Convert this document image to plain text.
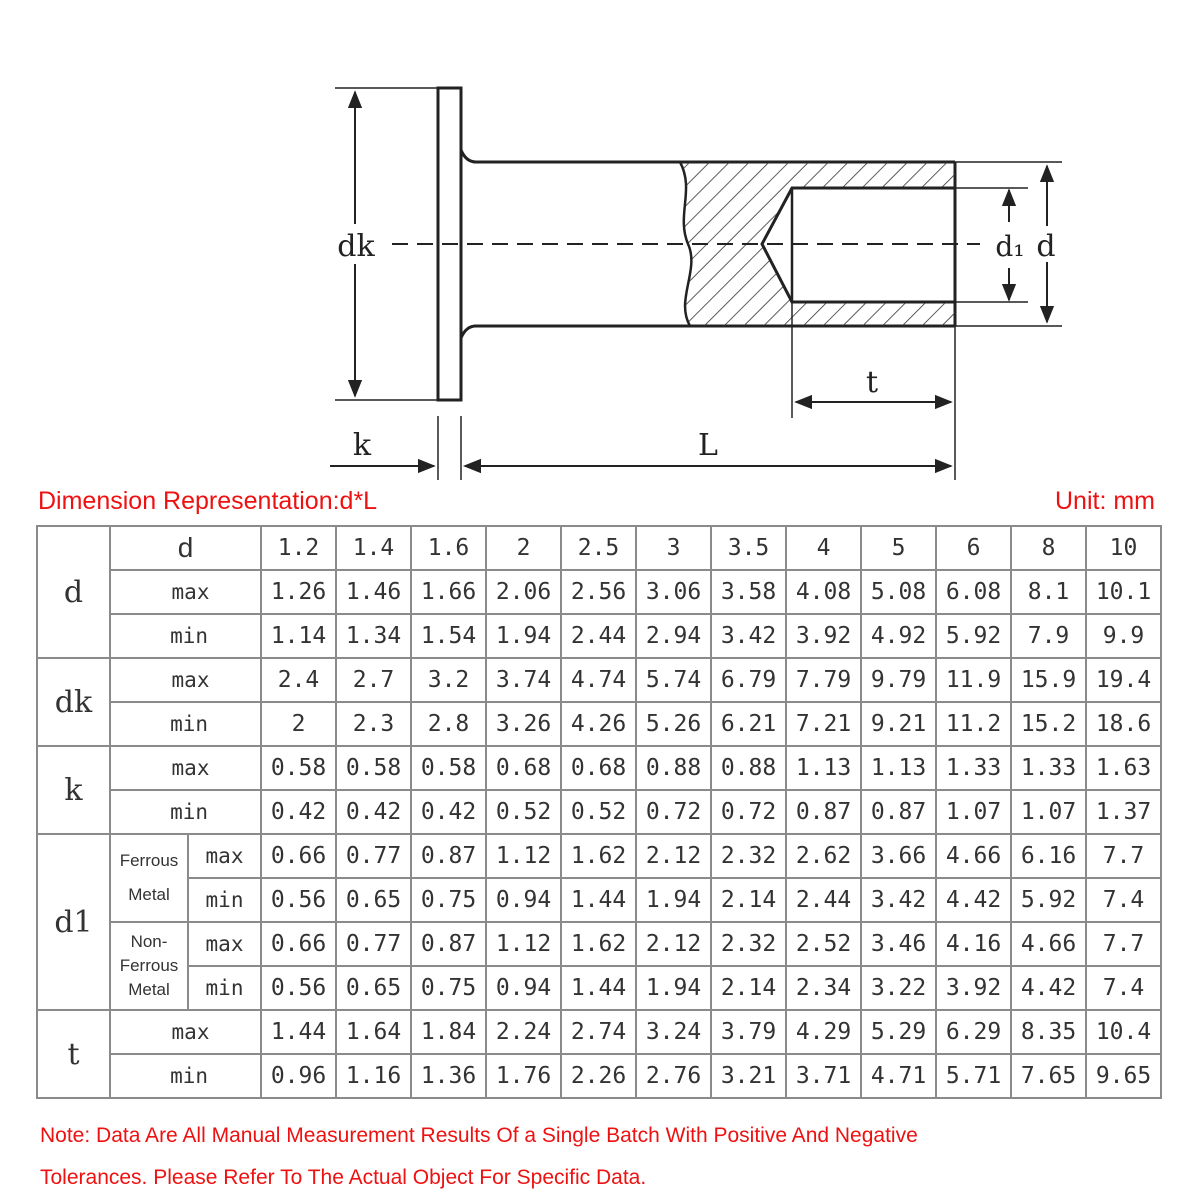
dk	d₁ d
t
k	L
Dimension Representation:d*L	Unit: mm
d	d		1.2	1.4	1.6	2	2.5	3	3.5	4	5	6	8	10
	max		1.26	1.46	1.66	2.06	2.56	3.06	3.58	4.08	5.08	6.08	8.1	10.1
	min		1.14	1.34	1.54	1.94	2.44	2.94	3.42	3.92	4.92	5.92	7.9	9.9
dk	max		2.4	2.7	3.2	3.74	4.74	5.74	6.79	7.79	9.79	11.9	15.9	19.4
	min		2	2.3	2.8	3.26	4.26	5.26	6.21	7.21	9.21	11.2	15.2	18.6
k	max		0.58	0.58	0.58	0.68	0.68	0.88	0.88	1.13	1.13	1.33	1.33	1.63
	min		0.42	0.42	0.42	0.52	0.52	0.72	0.72	0.87	0.87	1.07	1.07	1.37
d1	Ferrous Metal	max	0.66	0.77	0.87	1.12	1.62	2.12	2.32	2.62	3.66	4.66	6.16	7.7
		min	0.56	0.65	0.75	0.94	1.44	1.94	2.14	2.44	3.42	4.42	5.92	7.4
	Non-Ferrous Metal	max	0.66	0.77	0.87	1.12	1.62	2.12	2.32	2.52	3.46	4.16	4.66	7.7
		min	0.56	0.65	0.75	0.94	1.44	1.94	2.14	2.34	3.22	3.92	4.42	7.4
t	max		1.44	1.64	1.84	2.24	2.74	3.24	3.79	4.29	5.29	6.29	8.35	10.4
	min		0.96	1.16	1.36	1.76	2.26	2.76	3.21	3.71	4.71	5.71	7.65	9.65
Note: Data Are All Manual Measurement Results Of a Single Batch With Positive And Negative
Tolerances. Please Refer To The Actual Object For Specific Data.
